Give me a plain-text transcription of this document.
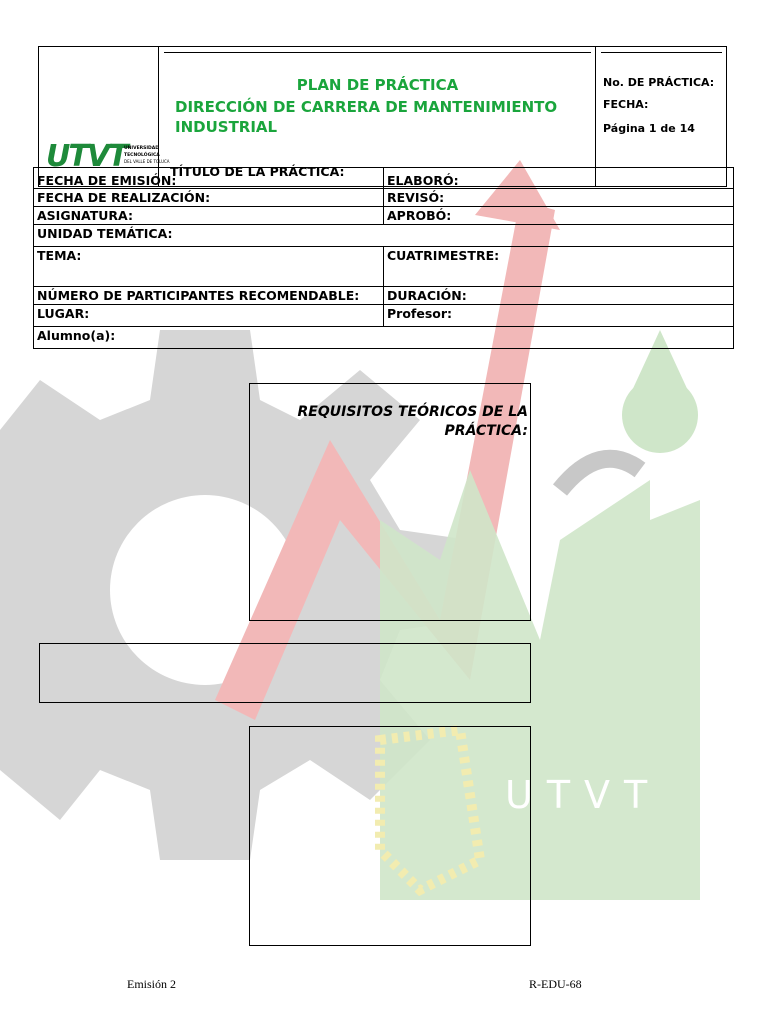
UTVT
PLAN DE PRÁCTICA
DIRECCIÓN DE CARRERA DE MANTENIMIENTO INDUSTRIAL
No. DE PRÁCTICA:
FECHA:
Página 1 de 14
UTVT
UNIVERSIDAD
TECNOLÓGICA
DEL VALLE DE TOLUCA
FECHA DE EMISIÓN:	ELABORÓ:
FECHA DE REALIZACIÓN:	REVISÓ:
ASIGNATURA:	APROBÓ:
UNIDAD TEMÁTICA:	
TEMA:	CUATRIMESTRE:
NÚMERO DE PARTICIPANTES RECOMENDABLE:	DURACIÓN:
LUGAR:	Profesor:
Alumno(a):	
TÍTULO DE LA PRÁCTICA:
REQUISITOS TEÓRICOS DE LA PRÁCTICA:
Emisión 2	R-EDU-68
